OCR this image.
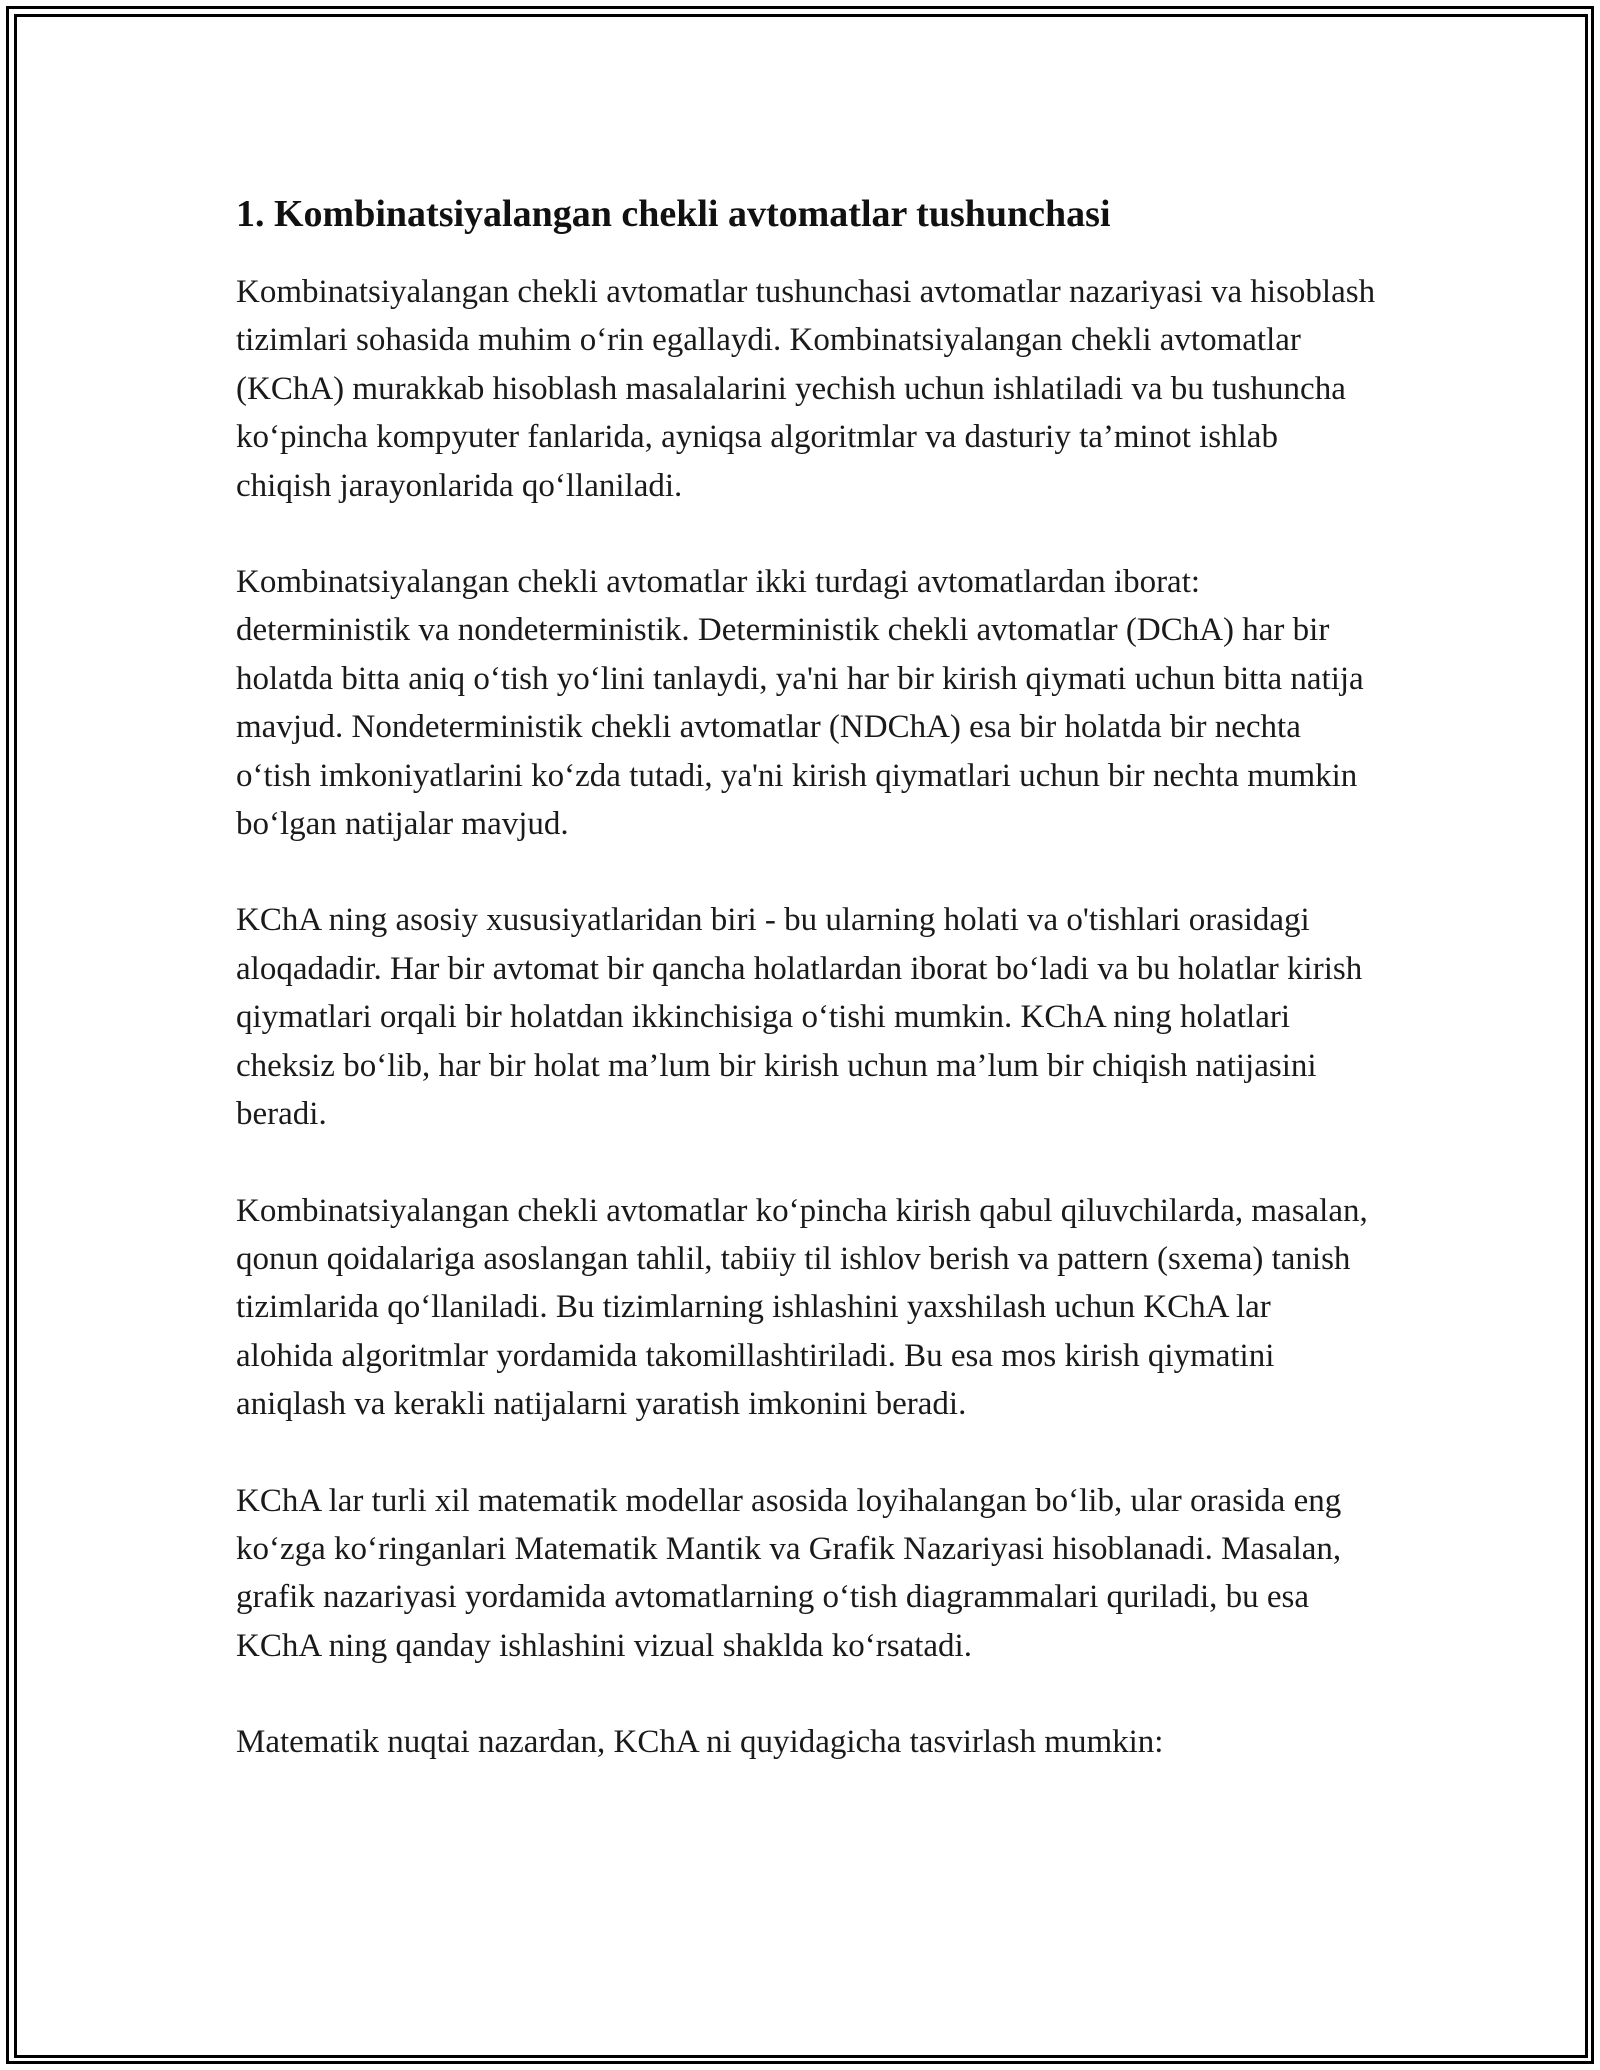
1. Kombinatsiyalangan chekli avtomatlar tushunchasi

Kombinatsiyalangan chekli avtomatlar tushunchasi avtomatlar nazariyasi va hisoblash tizimlari sohasida muhim o‘rin egallaydi. Kombinatsiyalangan chekli avtomatlar (KChA) murakkab hisoblash masalalarini yechish uchun ishlatiladi va bu tushuncha ko‘pincha kompyuter fanlarida, ayniqsa algoritmlar va dasturiy ta’minot ishlab chiqish jarayonlarida qo‘llaniladi.

Kombinatsiyalangan chekli avtomatlar ikki turdagi avtomatlardan iborat: deterministik va nondeterministik. Deterministik chekli avtomatlar (DChA) har bir holatda bitta aniq o‘tish yo‘lini tanlaydi, ya'ni har bir kirish qiymati uchun bitta natija mavjud. Nondeterministik chekli avtomatlar (NDChA) esa bir holatda bir nechta o‘tish imkoniyatlarini ko‘zda tutadi, ya'ni kirish qiymatlari uchun bir nechta mumkin bo‘lgan natijalar mavjud.

KChA ning asosiy xususiyatlaridan biri - bu ularning holati va o'tishlari orasidagi aloqadadir. Har bir avtomat bir qancha holatlardan iborat bo‘ladi va bu holatlar kirish qiymatlari orqali bir holatdan ikkinchisiga o‘tishi mumkin. KChA ning holatlari cheksiz bo‘lib, har bir holat ma’lum bir kirish uchun ma’lum bir chiqish natijasini beradi.

Kombinatsiyalangan chekli avtomatlar ko‘pincha kirish qabul qiluvchilarda, masalan, qonun qoidalariga asoslangan tahlil, tabiiy til ishlov berish va pattern (sxema) tanish tizimlarida qo‘llaniladi. Bu tizimlarning ishlashini yaxshilash uchun KChA lar alohida algoritmlar yordamida takomillashtiriladi. Bu esa mos kirish qiymatini aniqlash va kerakli natijalarni yaratish imkonini beradi.

KChA lar turli xil matematik modellar asosida loyihalangan bo‘lib, ular orasida eng ko‘zga ko‘ringanlari Matematik Mantik va Grafik Nazariyasi hisoblanadi. Masalan, grafik nazariyasi yordamida avtomatlarning o‘tish diagrammalari quriladi, bu esa KChA ning qanday ishlashini vizual shaklda ko‘rsatadi.

Matematik nuqtai nazardan, KChA ni quyidagicha tasvirlash mumkin:
